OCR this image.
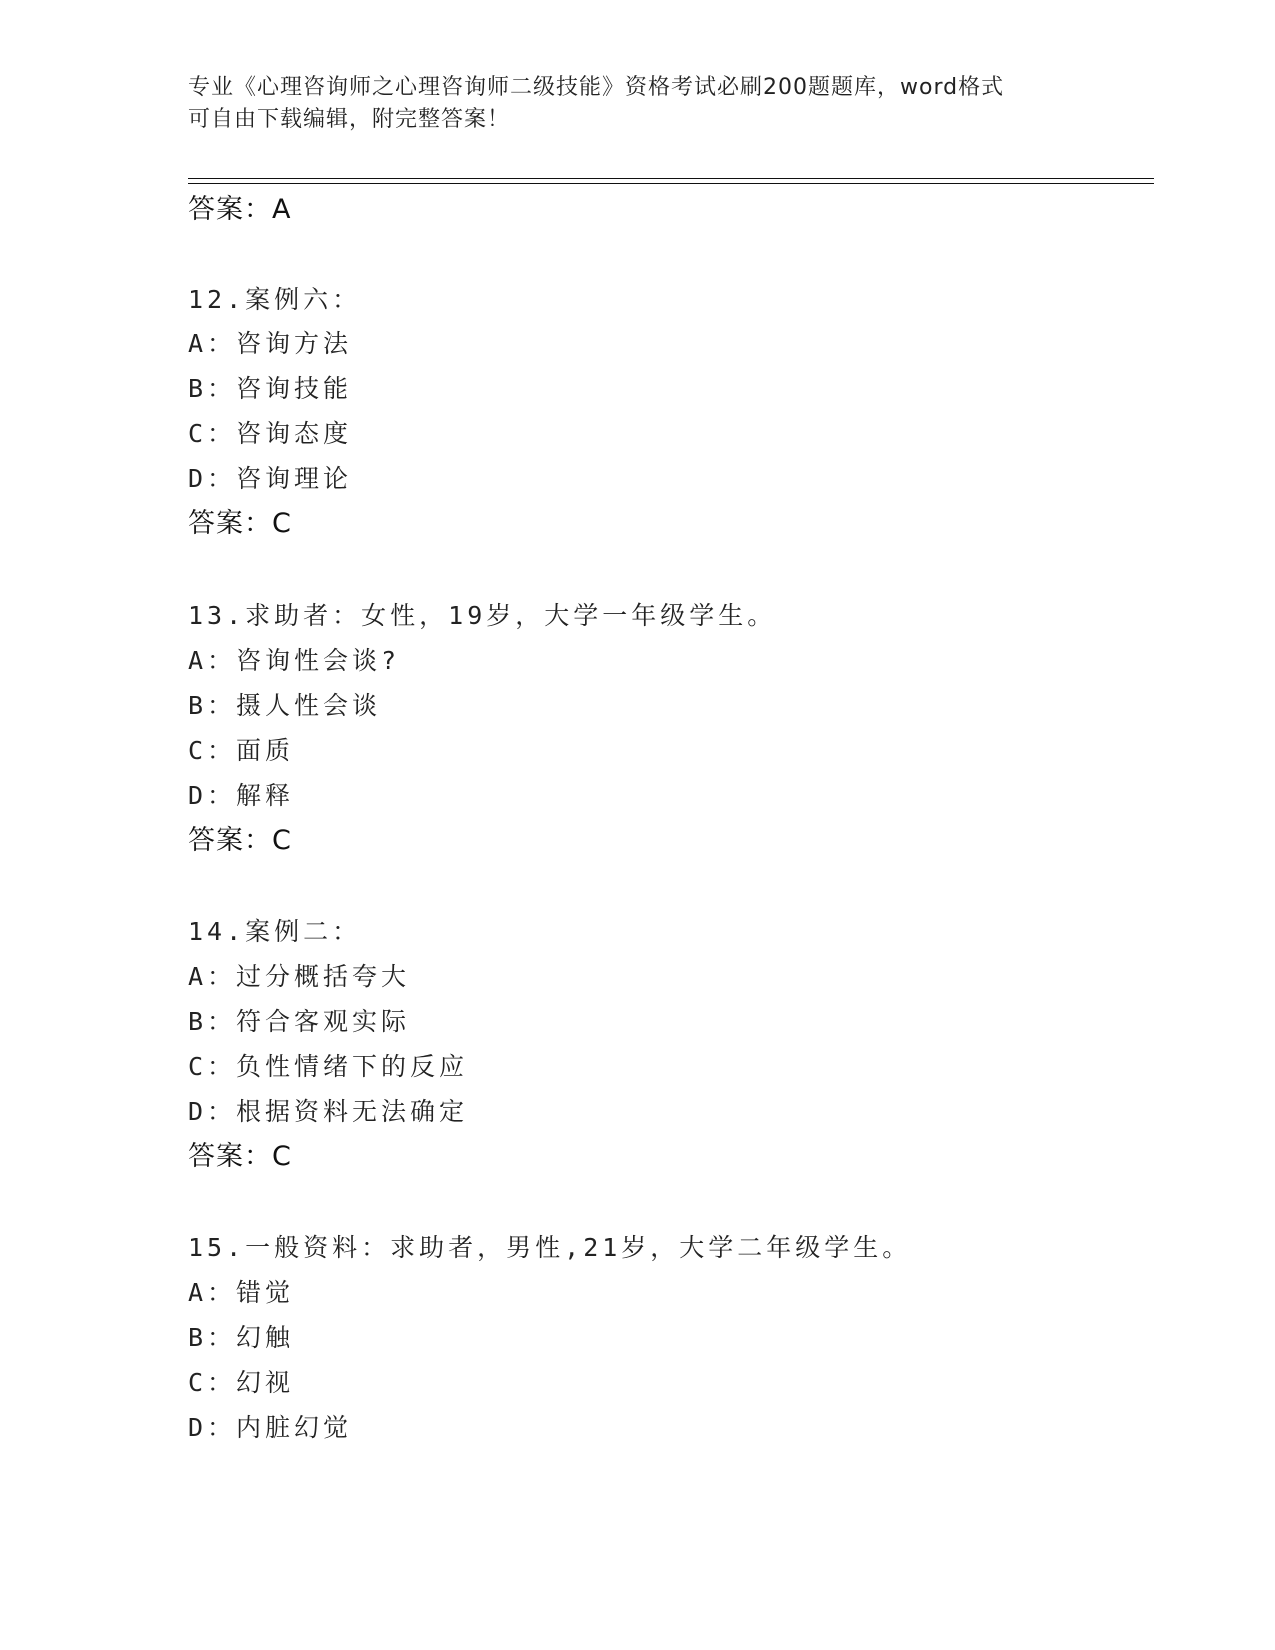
专业《心理咨询师之心理咨询师二级技能》资格考试必刷200题题库，word格式
可自由下载编辑，附完整答案！
答案：A
12.案例六：
A：咨询方法
B：咨询技能
C：咨询态度
D：咨询理论
答案：C
13.求助者：女性，19岁，大学一年级学生。
A：咨询性会谈?
B：摄人性会谈
C：面质
D：解释
答案：C
14.案例二：
A：过分概括夸大
B：符合客观实际
C：负性情绪下的反应
D：根据资料无法确定
答案：C
15.一般资料：求助者，男性,21岁，大学二年级学生。
A：错觉
B：幻触
C：幻视
D：内脏幻觉
